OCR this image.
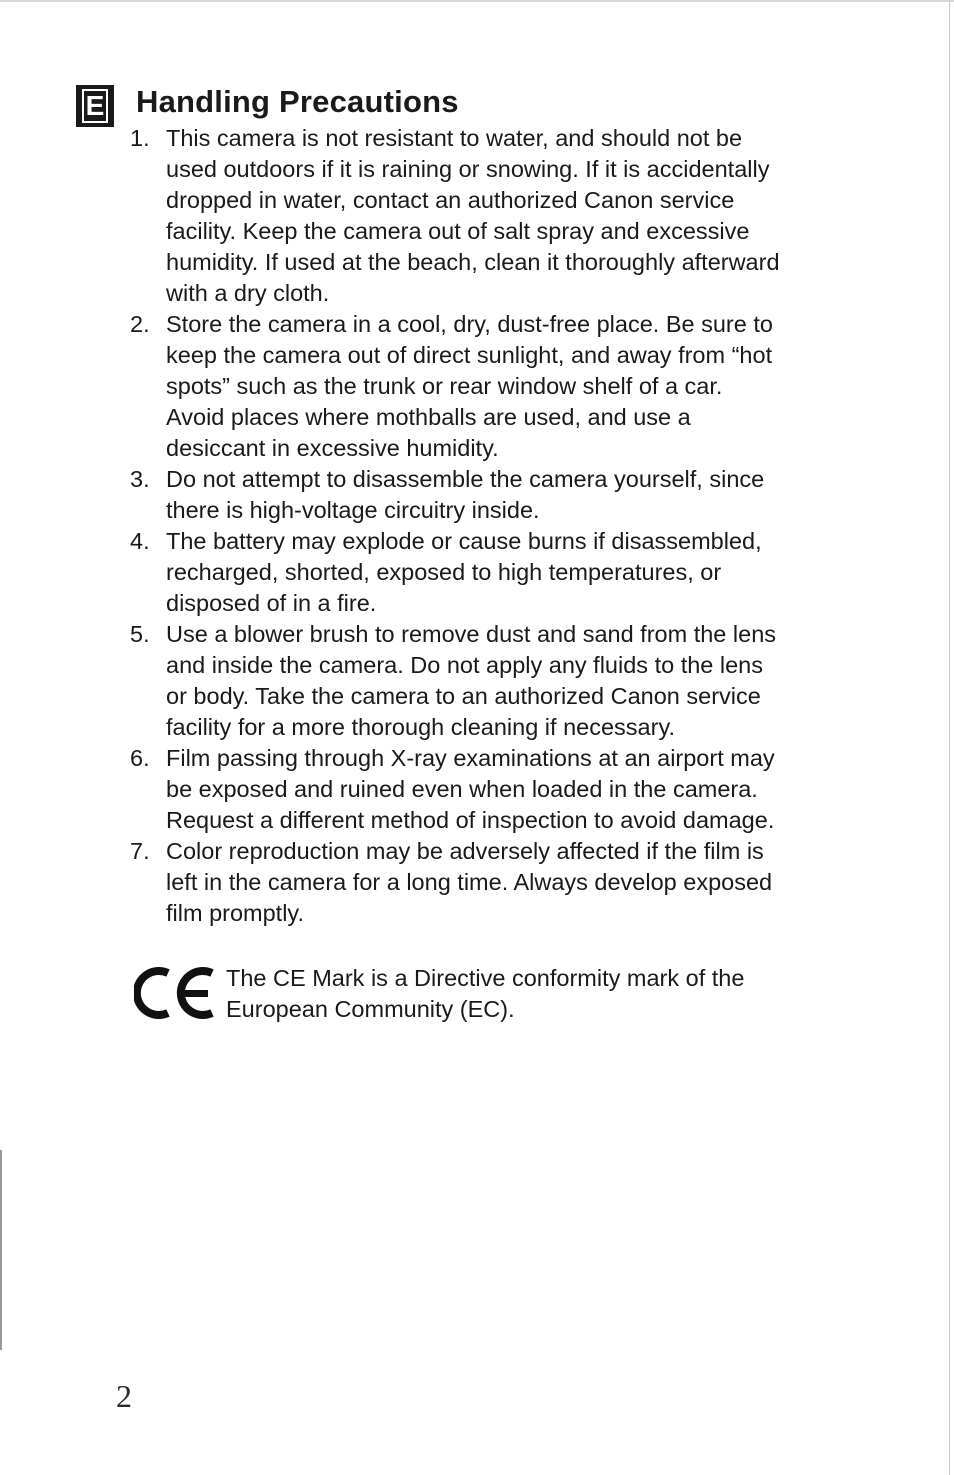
E Handling Precautions
1. This camera is not resistant to water, and should not be
used outdoors if it is raining or snowing. If it is accidentally
dropped in water, contact an authorized Canon service
facility. Keep the camera out of salt spray and excessive
humidity. If used at the beach, clean it thoroughly afterward
with a dry cloth.
2. Store the camera in a cool, dry, dust-free place. Be sure to
keep the camera out of direct sunlight, and away from “hot
spots” such as the trunk or rear window shelf of a car.
Avoid places where mothballs are used, and use a
desiccant in excessive humidity.
3. Do not attempt to disassemble the camera yourself, since
there is high-voltage circuitry inside.
4. The battery may explode or cause burns if disassembled,
recharged, shorted, exposed to high temperatures, or
disposed of in a fire.
5. Use a blower brush to remove dust and sand from the lens
and inside the camera. Do not apply any fluids to the lens
or body. Take the camera to an authorized Canon service
facility for a more thorough cleaning if necessary.
6. Film passing through X-ray examinations at an airport may
be exposed and ruined even when loaded in the camera.
Request a different method of inspection to avoid damage.
7. Color reproduction may be adversely affected if the film is
left in the camera for a long time. Always develop exposed
film promptly.
The CE Mark is a Directive conformity mark of the
European Community (EC).
2
